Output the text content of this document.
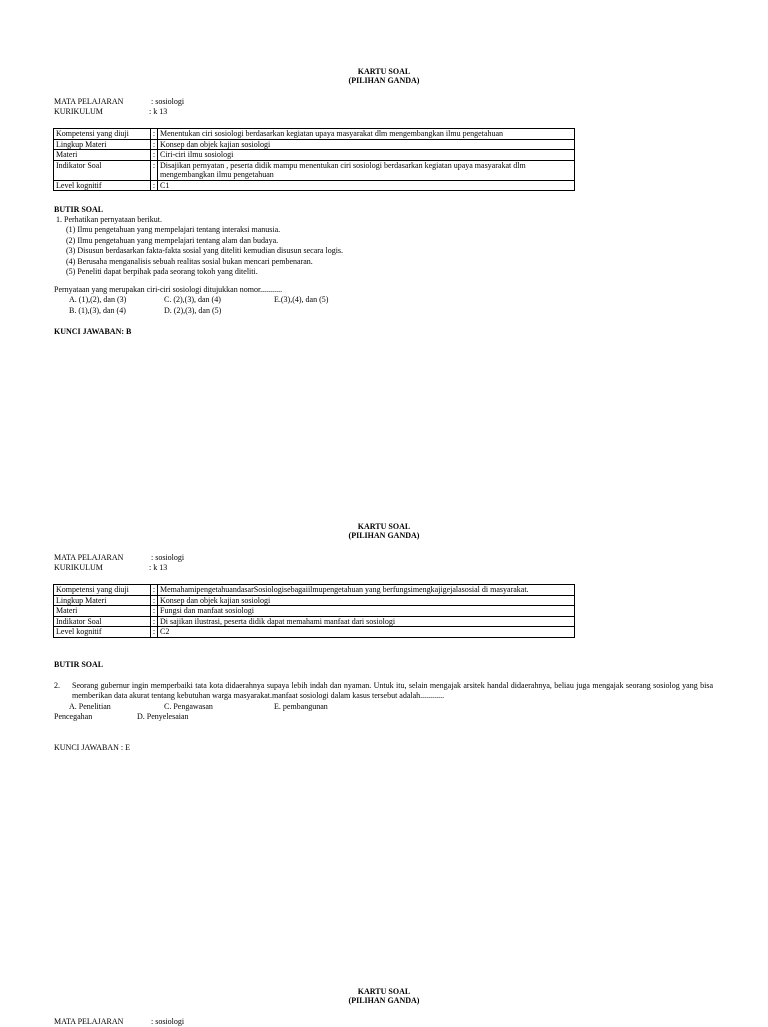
KARTU SOAL
(PILIHAN GANDA)
MATA PELAJARAN	: sosiologi
KURIKULUM	: k 13
Kompetensi yang diuji	:	Menentukan ciri sosiologi berdasarkan kegiatan upaya masyarakat dlm mengembangkan ilmu pengetahuan
Lingkup Materi	:	Konsep dan objek kajian sosiologi
Materi	:	Ciri-ciri ilmu sosiologi
Indikator Soal	:	Disajikan pernyatan , peserta didik mampu menentukan ciri sosiologi berdasarkan kegiatan upaya masyarakat dlm mengembangkan ilmu pengetahuan
Level kognitif	:	C1
BUTIR SOAL
1. Perhatikan pernyataan berikut.
(1) Ilmu pengetahuan yang mempelajari tentang interaksi manusia.
(2) Ilmu pengetahuan yang mempelajari tentang alam dan budaya.
(3) Disusun berdasarkan fakta-fakta sosial yang diteliti kemudian disusun secara logis.
(4) Berusaha menganalisis sebuah realitas sosial bukan mencari pembenaran.
(5) Peneliti dapat berpihak pada seorang tokoh yang diteliti.
Pernyataan yang merupakan ciri-ciri sosiologi ditujukkan nomor...........
A. (1),(2), dan (3)	C. (2),(3), dan (4)	E.(3),(4), dan (5)
B. (1),(3), dan (4)	D. (2),(3), dan (5)
KUNCI JAWABAN: B
KARTU SOAL
(PILIHAN GANDA)
MATA PELAJARAN	: sosiologi
KURIKULUM	: k 13
Kompetensi yang diuji	:	MemahamipengetahuandasarSosiologisebagaiilmupengetahuan yang berfungsimengkajigejalasosial di masyarakat.
Lingkup Materi	:	Konsep dan objek kajian sosiologi
Materi	:	Fungsi dan manfaat sosiologi
Indikator Soal	:	Di sajikan ilustrasi, peserta didik dapat memahami manfaat dari sosiologi
Level kognitif	:	C2
BUTIR SOAL
2. Seorang gubernur ingin memperbaiki tata kota didaerahnya supaya lebih indah dan nyaman. Untuk itu, selain mengajak arsitek handal didaerahnya, beliau juga mengajak seorang sosiolog yang bisa memberikan data akurat tentang kebutuhan warga masyarakat.manfaat sosiologi dalam kasus tersebut adalah............
A. Penelitian	C. Pengawasan	E. pembangunan
Pencegahan	D. Penyelesaian
KUNCI JAWABAN : E
KARTU SOAL
(PILIHAN GANDA)
MATA PELAJARAN	: sosiologi
